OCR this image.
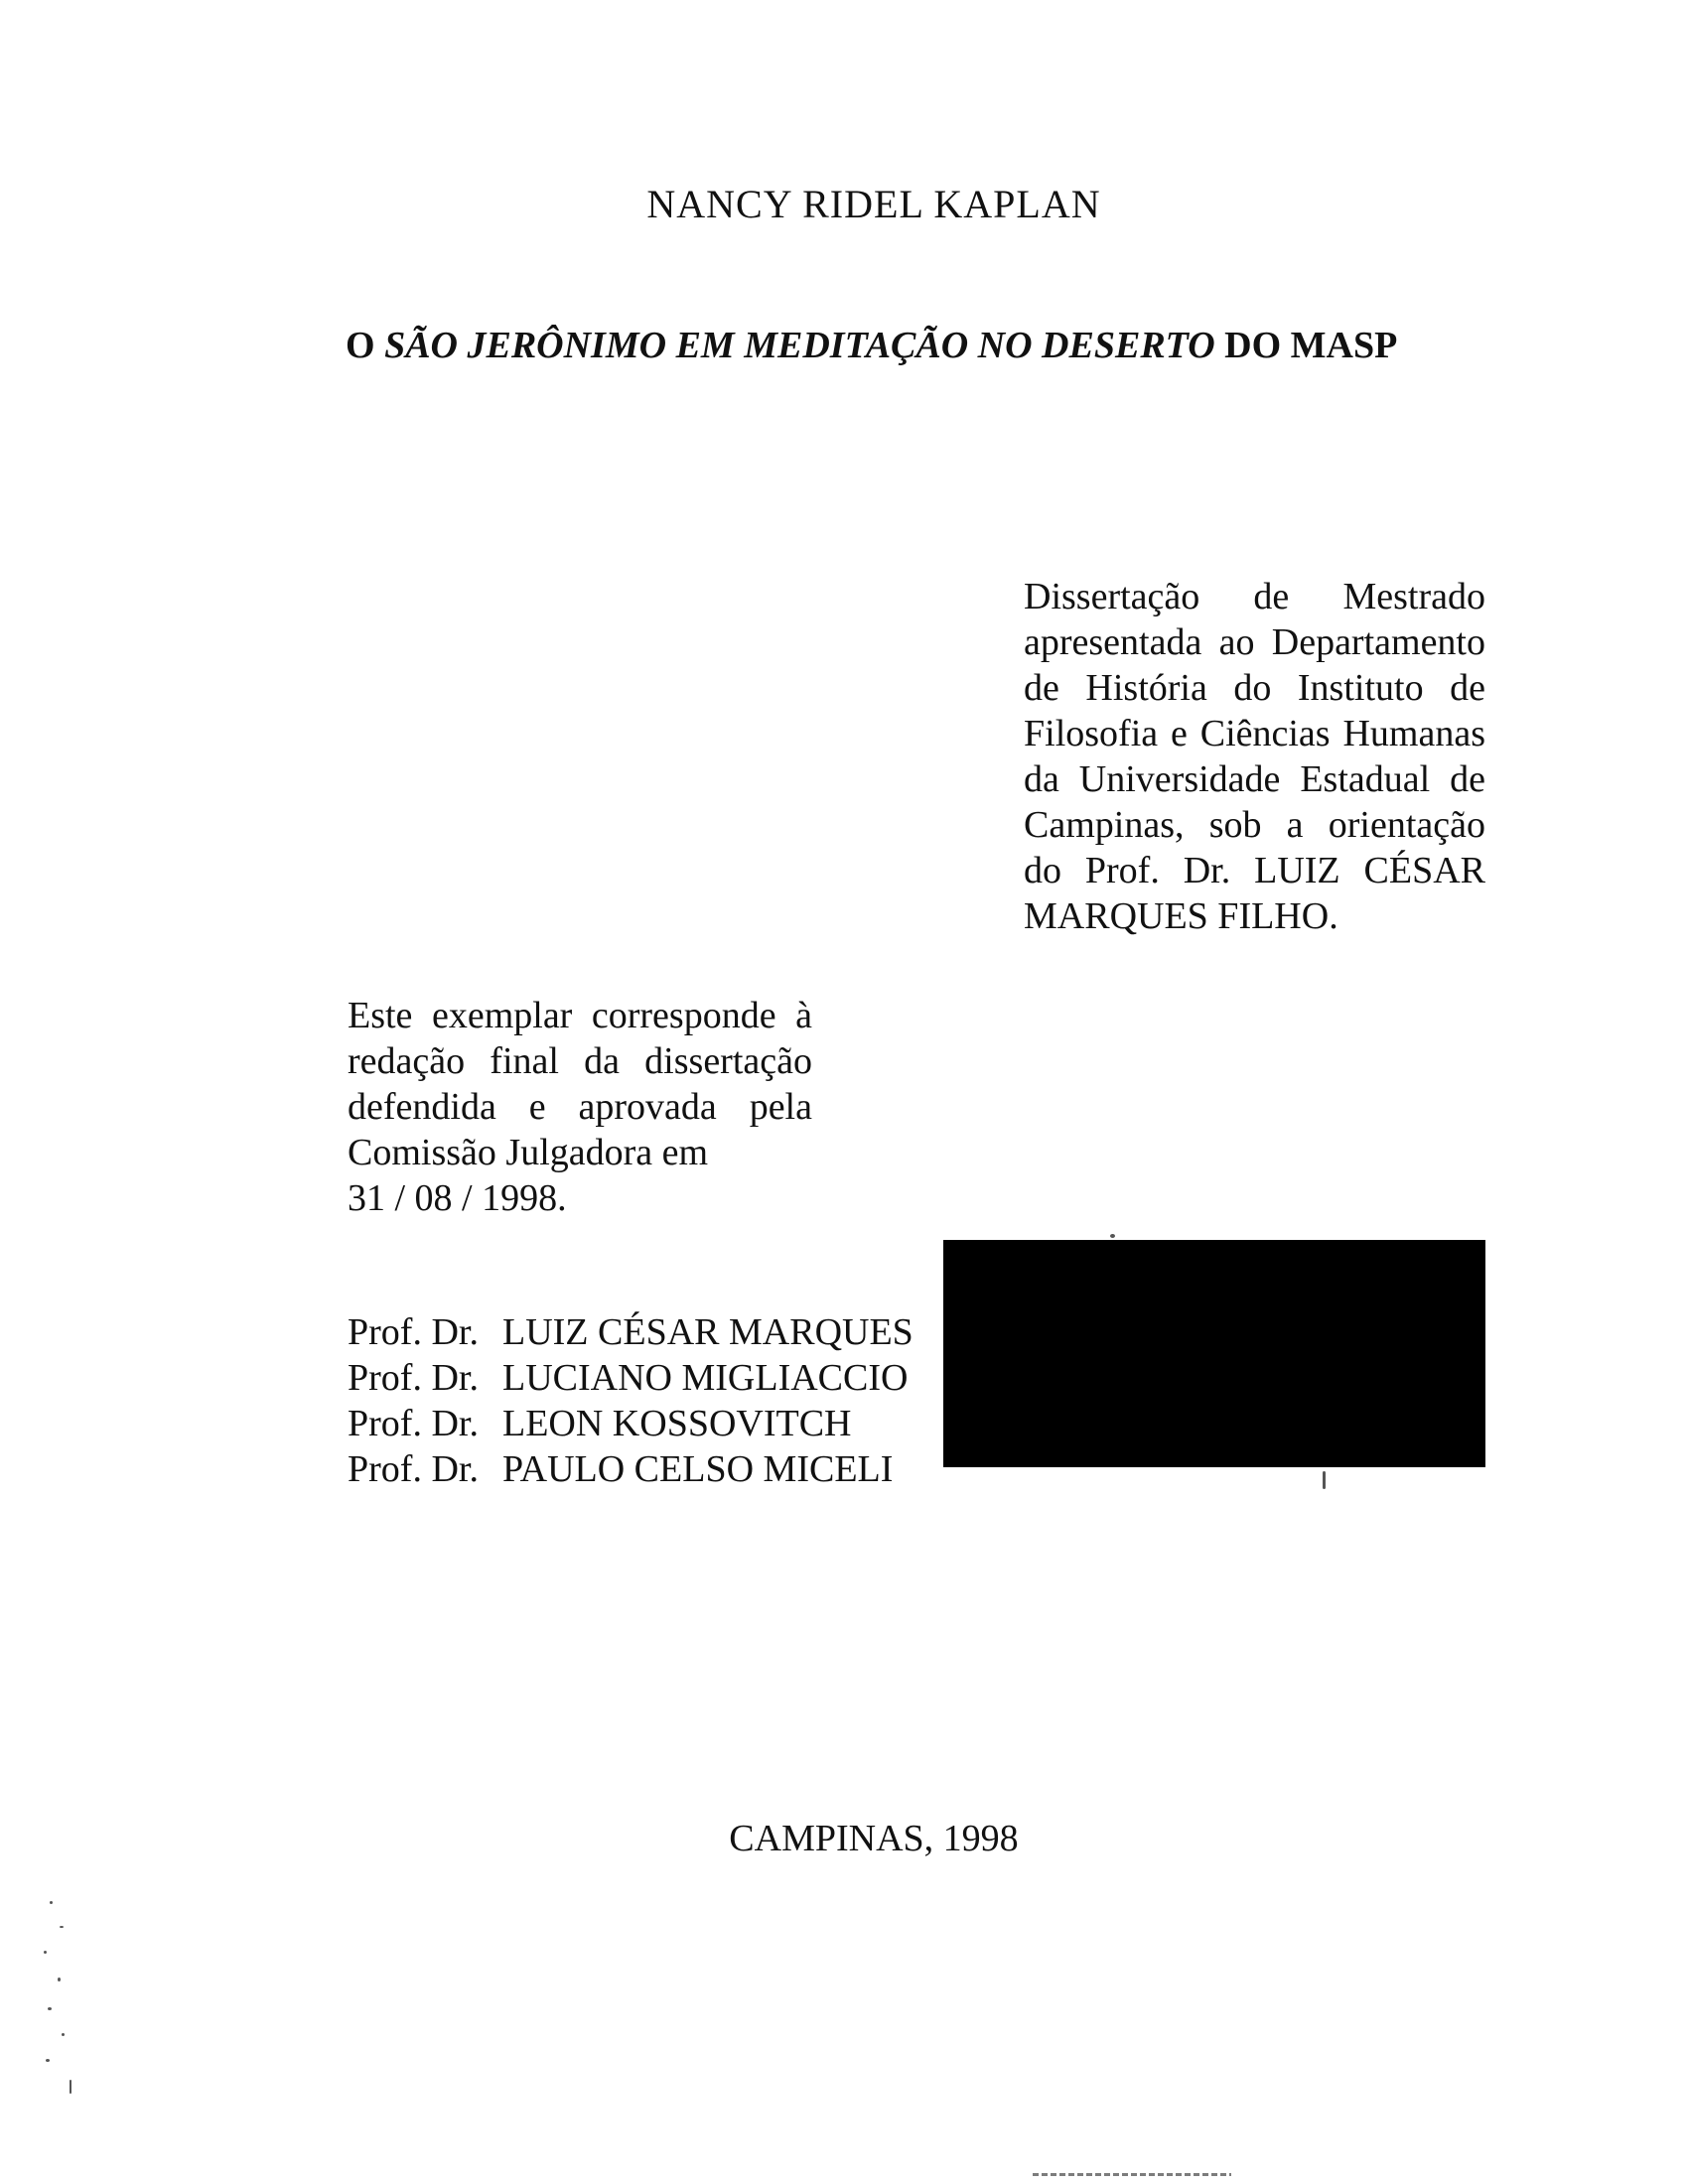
NANCY RIDEL KAPLAN
O SÃO JERÔNIMO EM MEDITAÇÃO NO DESERTO DO MASP
Dissertação de Mestrado
apresentada ao Departamento
de História do Instituto de
Filosofia e Ciências Humanas
da Universidade Estadual de
Campinas, sob a orientação
do Prof. Dr. LUIZ CÉSAR
MARQUES FILHO.
Este exemplar corresponde à
redação final da dissertação
defendida e aprovada pela
Comissão Julgadora em
31 / 08 / 1998.
Prof. Dr. LUIZ CÉSAR MARQUES
Prof. Dr. LUCIANO MIGLIACCIO
Prof. Dr. LEON KOSSOVITCH
Prof. Dr. PAULO CELSO MICELI
CAMPINAS, 1998
